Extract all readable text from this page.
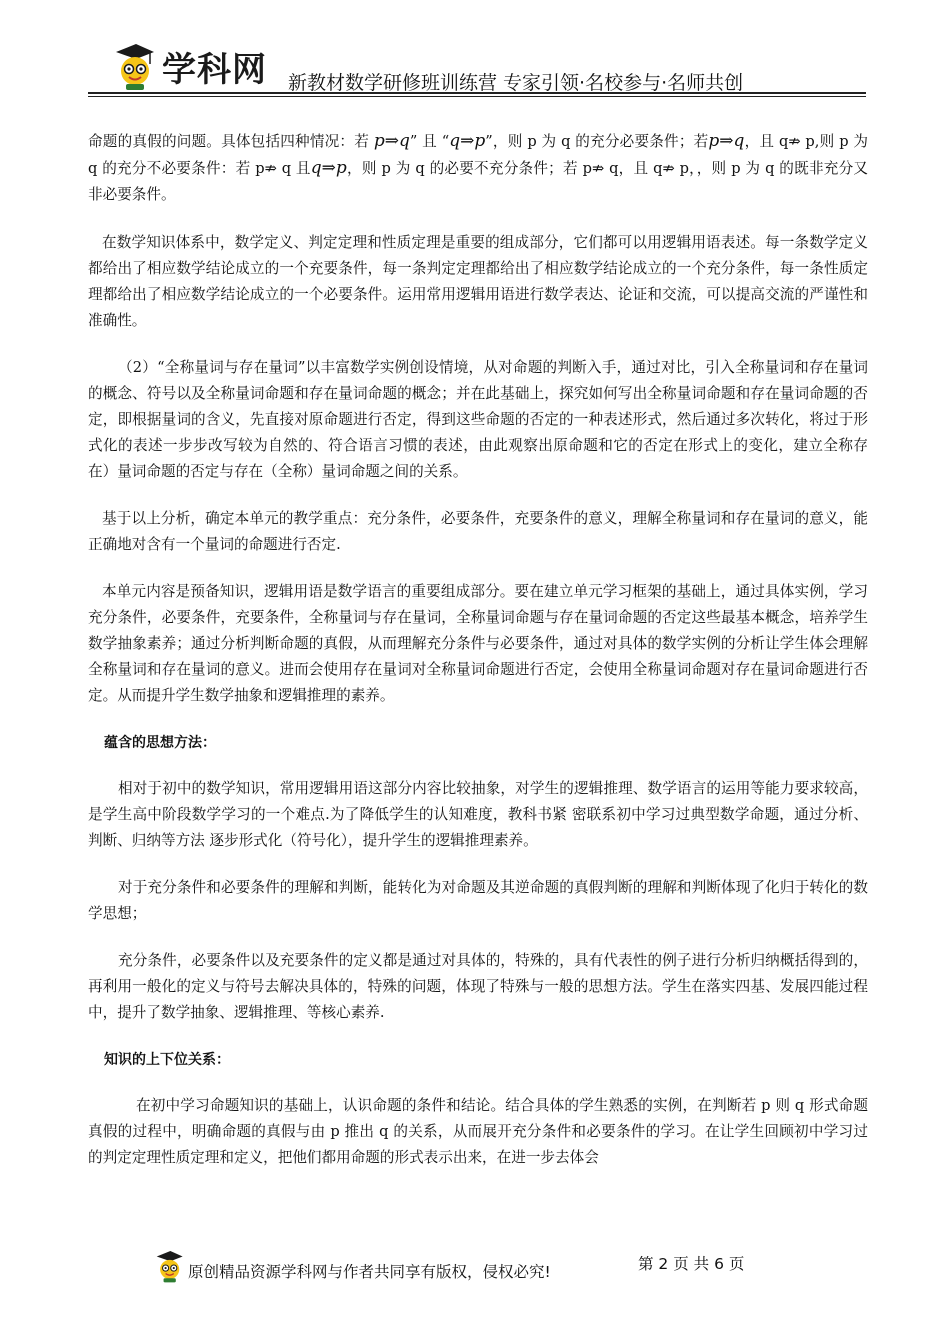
学科网 新教材数学研修班训练营 专家引领·名校参与·名师共创

命题的真假的问题。具体包括四种情况：若 p⇒q” 且 “q⇒p”，则 p 为 q 的充分必要条件；若p⇒q，且 q⇏ p,则 p 为 q 的充分不必要条件：若 p⇏ q 且q⇒p，则 p 为 q 的必要不充分条件；若 p⇏ q，且 q⇏ p，，则 p 为 q 的既非充分又非必要条件。

在数学知识体系中，数学定义、判定定理和性质定理是重要的组成部分，它们都可以用逻辑用语表述。每一条数学定义都给出了相应数学结论成立的一个充要条件，每一条判定定理都给出了相应数学结论成立的一个充分条件，每一条性质定理都给出了相应数学结论成立的一个必要条件。运用常用逻辑用语进行数学表达、论证和交流，可以提高交流的严谨性和准确性。

（2）“全称量词与存在量词”以丰富数学实例创设情境，从对命题的判断入手，通过对比，引入全称量词和存在量词的概念、符号以及全称量词命题和存在量词命题的概念；并在此基础上，探究如何写出全称量词命题和存在量词命题的否定，即根据量词的含义，先直接对原命题进行否定，得到这些命题的否定的一种表述形式，然后通过多次转化，将过于形式化的表述一步步改写较为自然的、符合语言习惯的表述，由此观察出原命题和它的否定在形式上的变化，建立全称存在）量词命题的否定与存在（全称）量词命题之间的关系。

基于以上分析，确定本单元的教学重点：充分条件，必要条件，充要条件的意义，理解全称量词和存在量词的意义，能正确地对含有一个量词的命题进行否定.

本单元内容是预备知识，逻辑用语是数学语言的重要组成部分。要在建立单元学习框架的基础上，通过具体实例，学习充分条件，必要条件，充要条件，全称量词与存在量词，全称量词命题与存在量词命题的否定这些最基本概念，培养学生数学抽象素养；通过分析判断命题的真假，从而理解充分条件与必要条件，通过对具体的数学实例的分析让学生体会理解全称量词和存在量词的意义。进而会使用存在量词对全称量词命题进行否定，会使用全称量词命题对存在量词命题进行否定。从而提升学生数学抽象和逻辑推理的素养。

蕴含的思想方法：

相对于初中的数学知识，常用逻辑用语这部分内容比较抽象，对学生的逻辑推理、数学语言的运用等能力要求较高，是学生高中阶段数学学习的一个难点.为了降低学生的认知难度，教科书紧 密联系初中学习过典型数学命题，通过分析、判断、归纳等方法 逐步形式化（符号化），提升学生的逻辑推理素养。

对于充分条件和必要条件的理解和判断，能转化为对命题及其逆命题的真假判断的理解和判断体现了化归于转化的数学思想；

充分条件，必要条件以及充要条件的定义都是通过对具体的，特殊的，具有代表性的例子进行分析归纳概括得到的，再利用一般化的定义与符号去解决具体的，特殊的问题，体现了特殊与一般的思想方法。学生在落实四基、发展四能过程中，提升了数学抽象、逻辑推理、等核心素养.

知识的上下位关系：

在初中学习命题知识的基础上，认识命题的条件和结论。结合具体的学生熟悉的实例，在判断若 p 则 q 形式命题真假的过程中，明确命题的真假与由 p 推出 q 的关系，从而展开充分条件和必要条件的学习。在让学生回顾初中学习过的判定定理性质定理和定义，把他们都用命题的形式表示出来，在进一步去体会

原创精品资源学科网与作者共同享有版权，侵权必究!	第 2 页 共 6 页
